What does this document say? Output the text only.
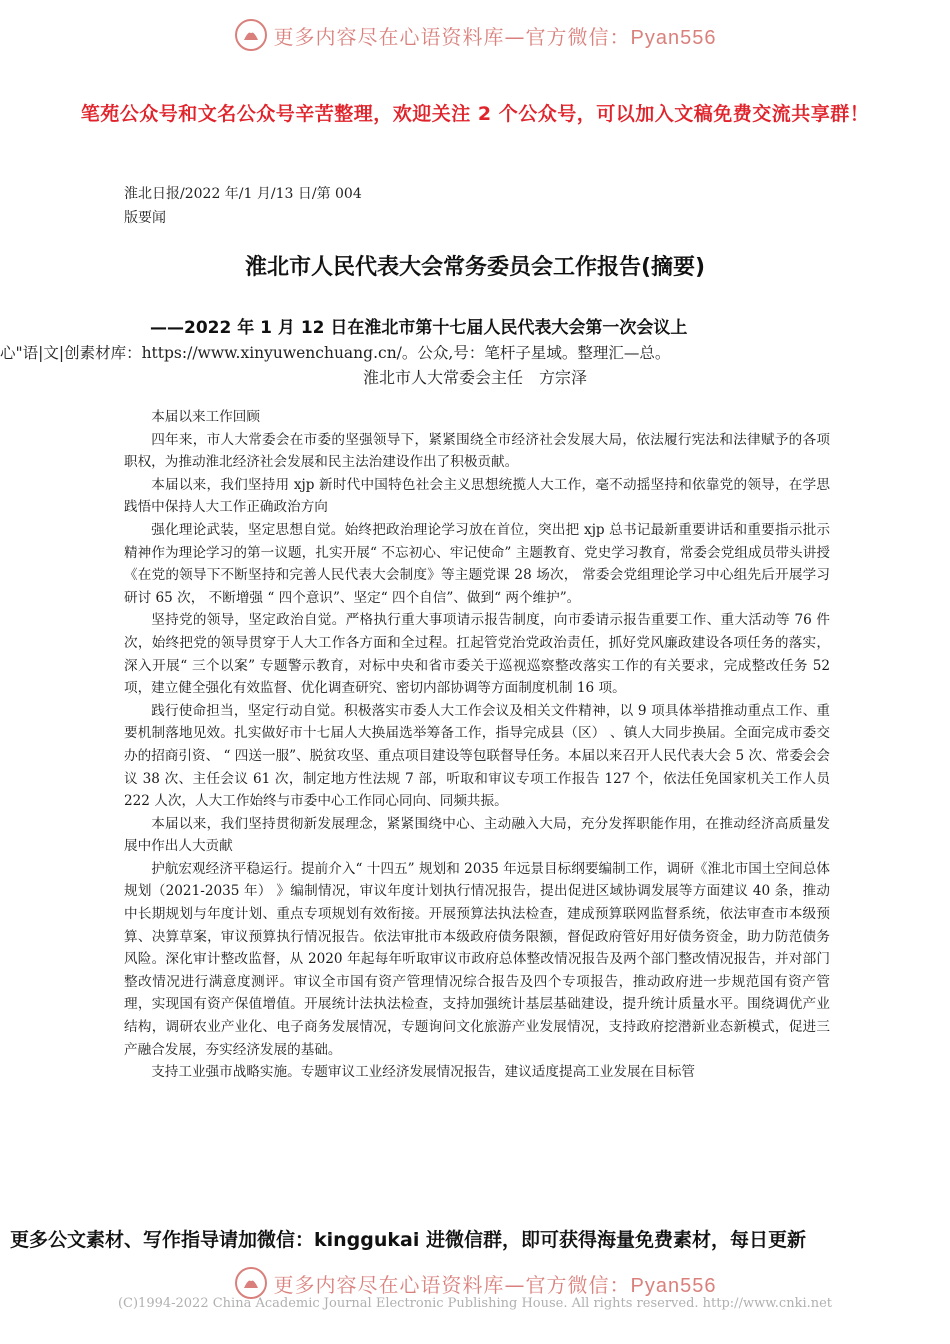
更多内容尽在心语资料库—官方微信：Pyan556
笔苑公众号和文名公众号辛苦整理，欢迎关注 2 个公众号，可以加入文稿免费交流共享群！
淮北日报/2022 年/1 月/13 日/第 004
版要闻
淮北市人民代表大会常务委员会工作报告(摘要)
——2022 年 1 月 12 日在淮北市第十七届人民代表大会第一次会议上
心"语|文|创素材库：https://www.xinyuwenchuang.cn/。公众,号：笔杆子星域。整理汇—总。
淮北市人大常委会主任　方宗泽

本届以来工作回顾

四年来，市人大常委会在市委的坚强领导下，紧紧围绕全市经济社会发展大局，依法履行宪法和法律赋予的各项职权，为推动淮北经济社会发展和民主法治建设作出了积极贡献。

本届以来，我们坚持用 xjp 新时代中国特色社会主义思想统揽人大工作，毫不动摇坚持和依靠党的领导，在学思践悟中保持人大工作正确政治方向

强化理论武装，坚定思想自觉。始终把政治理论学习放在首位，突出把 xjp 总书记最新重要讲话和重要指示批示精神作为理论学习的第一议题，扎实开展“ 不忘初心、牢记使命” 主题教育、党史学习教育，常委会党组成员带头讲授《在党的领导下不断坚持和完善人民代表大会制度》等主题党课 28 场次， 常委会党组理论学习中心组先后开展学习研讨 65 次， 不断增强 “ 四个意识”、坚定“ 四个自信”、做到“ 两个维护”。

坚持党的领导，坚定政治自觉。严格执行重大事项请示报告制度，向市委请示报告重要工作、重大活动等 76 件次，始终把党的领导贯穿于人大工作各方面和全过程。扛起管党治党政治责任，抓好党风廉政建设各项任务的落实，深入开展“ 三个以案” 专题警示教育，对标中央和省市委关于巡视巡察整改落实工作的有关要求，完成整改任务 52 项，建立健全强化有效监督、优化调查研究、密切内部协调等方面制度机制 16 项。

践行使命担当，坚定行动自觉。积极落实市委人大工作会议及相关文件精神，以 9 项具体举措推动重点工作、重要机制落地见效。扎实做好市十七届人大换届选举筹备工作，指导完成县（区） 、镇人大同步换届。全面完成市委交办的招商引资、 “ 四送一服”、脱贫攻坚、重点项目建设等包联督导任务。本届以来召开人民代表大会 5 次、常委会会议 38 次、主任会议 61 次，制定地方性法规 7 部，听取和审议专项工作报告 127 个，依法任免国家机关工作人员 222 人次，人大工作始终与市委中心工作同心同向、同频共振。

本届以来，我们坚持贯彻新发展理念，紧紧围绕中心、主动融入大局，充分发挥职能作用，在推动经济高质量发展中作出人大贡献

护航宏观经济平稳运行。提前介入“ 十四五” 规划和 2035 年远景目标纲要编制工作，调研《淮北市国土空间总体规划（2021-2035 年） 》编制情况，审议年度计划执行情况报告，提出促进区域协调发展等方面建议 40 条，推动中长期规划与年度计划、重点专项规划有效衔接。开展预算法执法检查，建成预算联网监督系统，依法审查市本级预算、决算草案，审议预算执行情况报告。依法审批市本级政府债务限额，督促政府管好用好债务资金，助力防范债务风险。深化审计整改监督，从 2020 年起每年听取审议市政府总体整改情况报告及两个部门整改情况报告，并对部门整改情况进行满意度测评。审议全市国有资产管理情况综合报告及四个专项报告，推动政府进一步规范国有资产管理，实现国有资产保值增值。开展统计法执法检查，支持加强统计基层基础建设，提升统计质量水平。围绕调优产业结构，调研农业产业化、电子商务发展情况，专题询问文化旅游产业发展情况，支持政府挖潜新业态新模式，促进三产融合发展，夯实经济发展的基础。

支持工业强市战略实施。专题审议工业经济发展情况报告，建议适度提高工业发展在目标管

更多公文素材、写作指导请加微信：kinggukai 进微信群，即可获得海量免费素材，每日更新
更多内容尽在心语资料库—官方微信：Pyan556
(C)1994-2022 China Academic Journal Electronic Publishing House. All rights reserved. http://www.cnki.net
